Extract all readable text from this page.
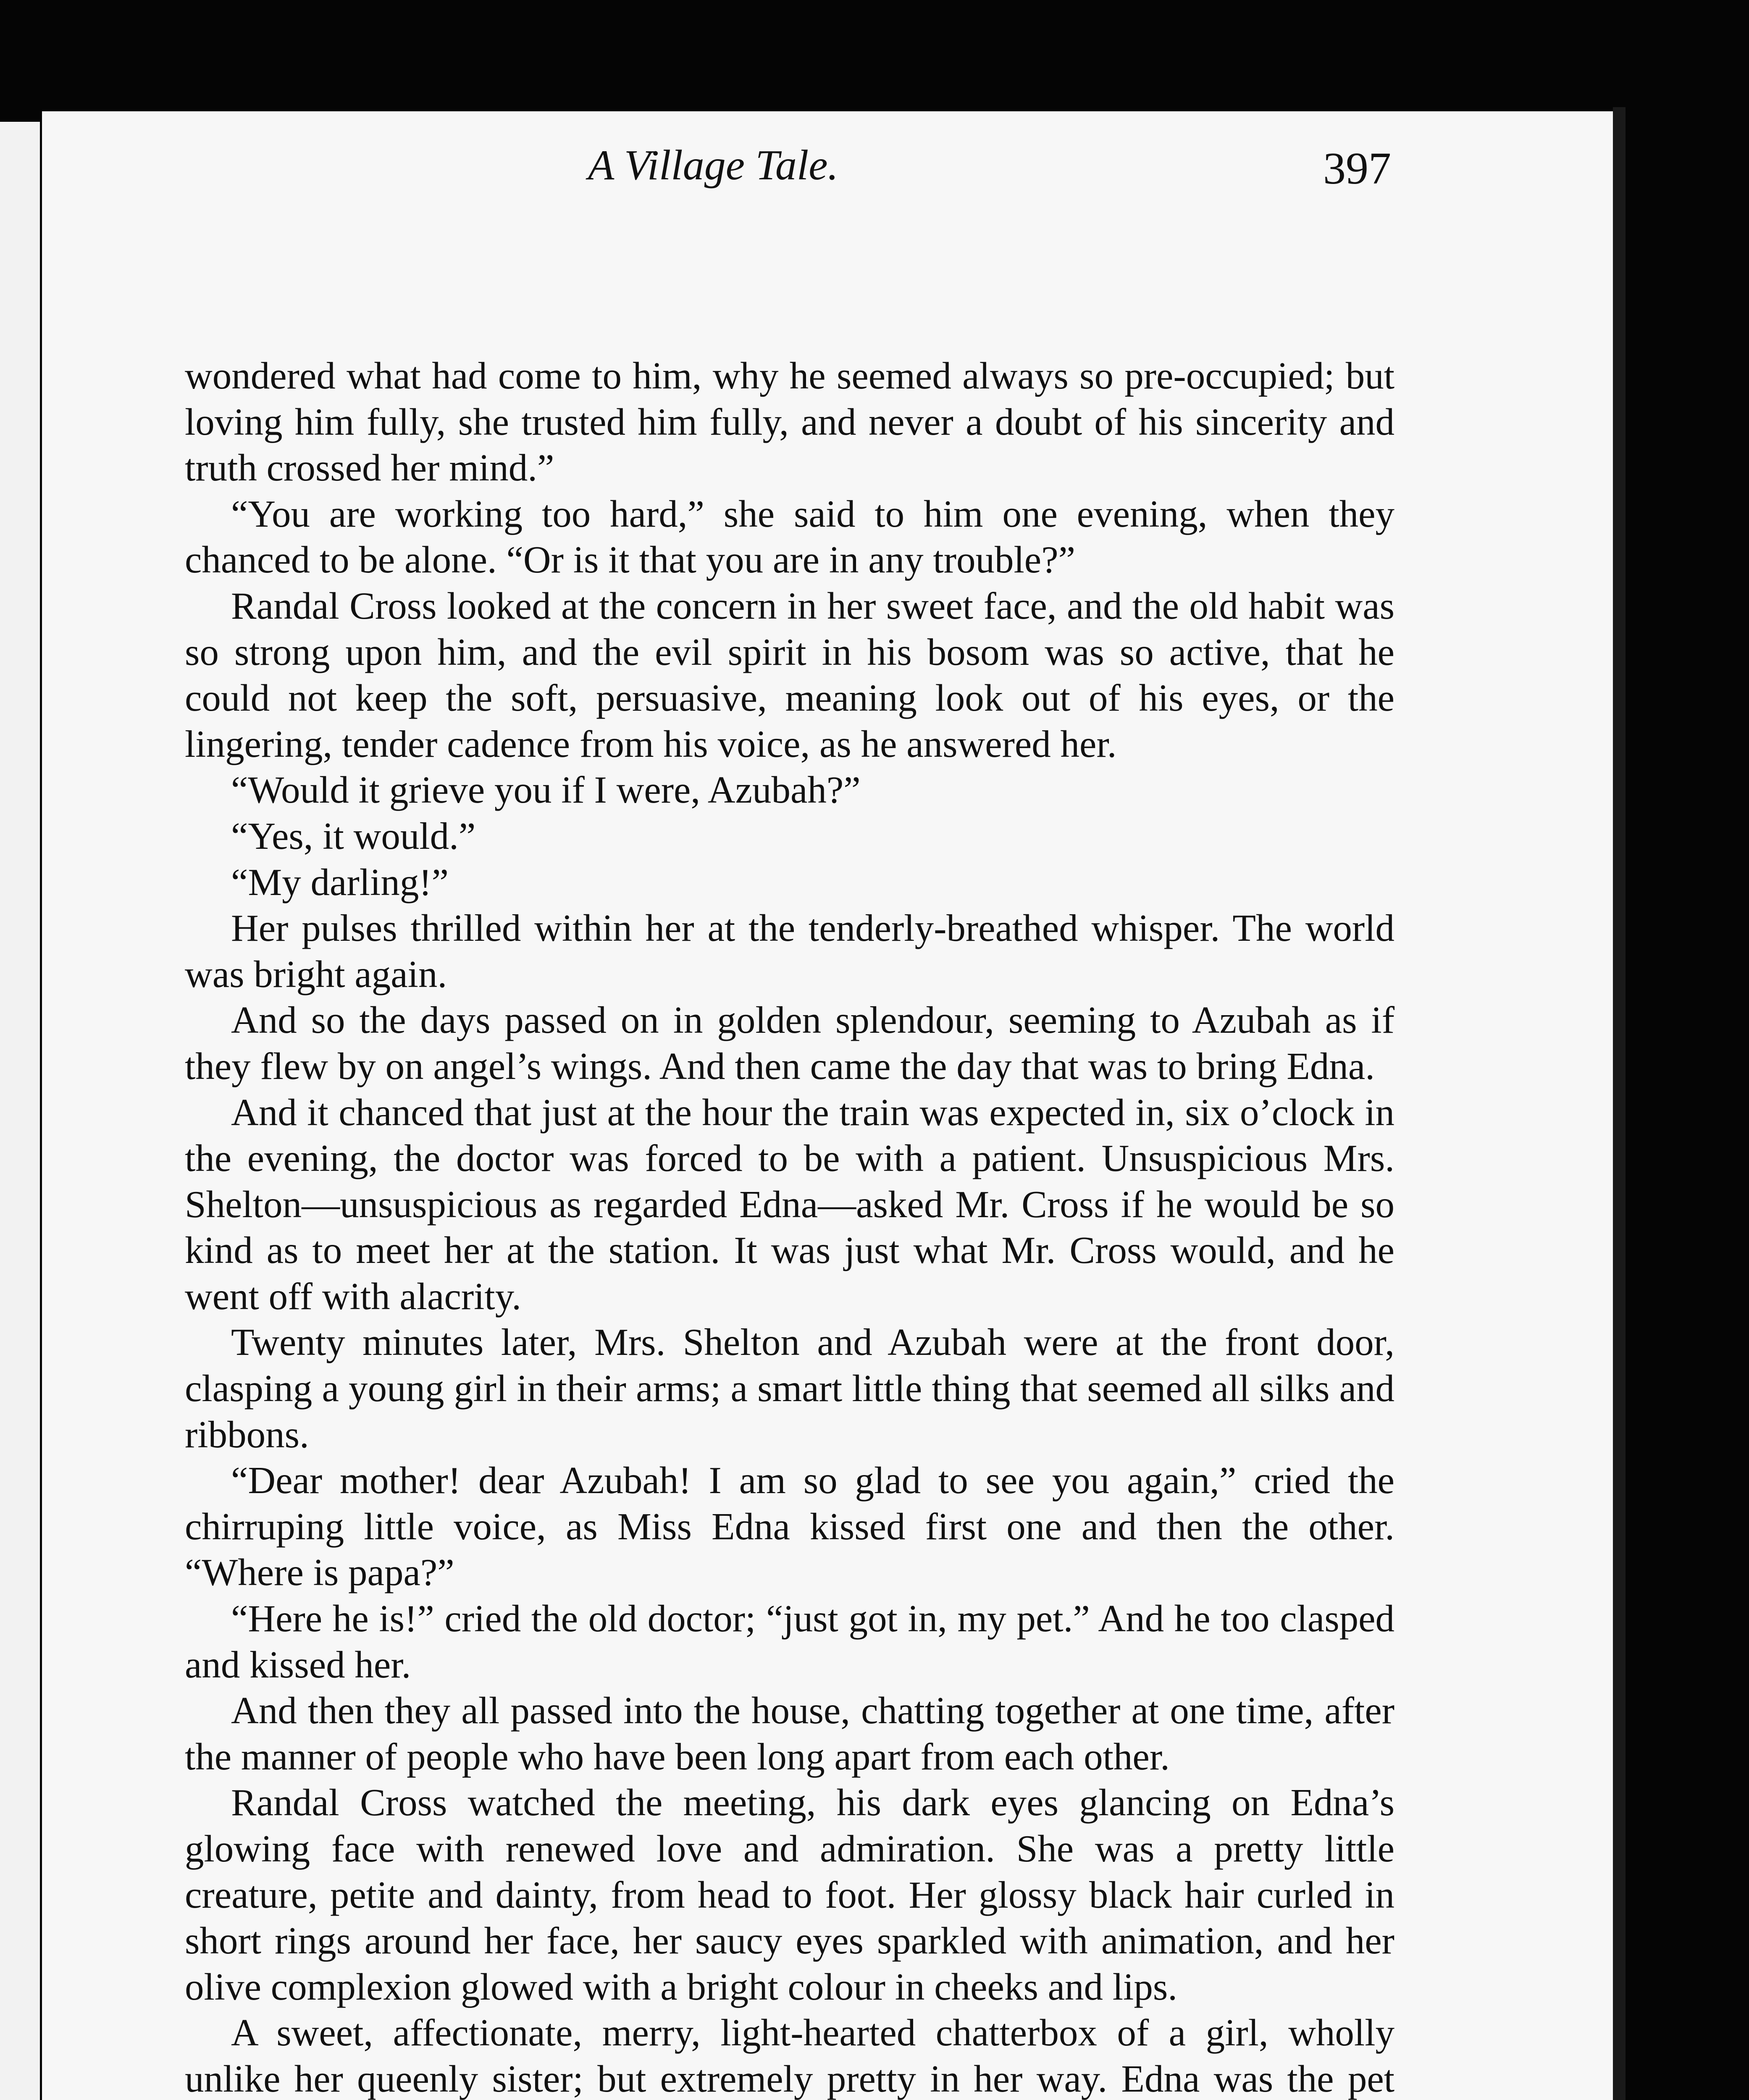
A Village Tale.	397

wondered what had come to him, why he seemed always so pre-occupied; but loving him fully, she trusted him fully, and never a doubt of his sincerity and truth crossed her mind.”

“You are working too hard,” she said to him one evening, when they chanced to be alone. “Or is it that you are in any trouble?”

Randal Cross looked at the concern in her sweet face, and the old habit was so strong upon him, and the evil spirit in his bosom was so active, that he could not keep the soft, persuasive, meaning look out of his eyes, or the lingering, tender cadence from his voice, as he answered her.

“Would it grieve you if I were, Azubah?”

“Yes, it would.”

“My darling!”

Her pulses thrilled within her at the tenderly-breathed whisper. The world was bright again.

And so the days passed on in golden splendour, seeming to Azubah as if they flew by on angel’s wings. And then came the day that was to bring Edna.

And it chanced that just at the hour the train was expected in, six o’clock in the evening, the doctor was forced to be with a patient. Unsuspicious Mrs. Shelton—unsuspicious as regarded Edna—asked Mr. Cross if he would be so kind as to meet her at the station. It was just what Mr. Cross would, and he went off with alacrity.

Twenty minutes later, Mrs. Shelton and Azubah were at the front door, clasping a young girl in their arms; a smart little thing that seemed all silks and ribbons.

“Dear mother! dear Azubah! I am so glad to see you again,” cried the chirruping little voice, as Miss Edna kissed first one and then the other. “Where is papa?”

“Here he is!” cried the old doctor; “just got in, my pet.” And he too clasped and kissed her.

And then they all passed into the house, chatting together at one time, after the manner of people who have been long apart from each other.

Randal Cross watched the meeting, his dark eyes glancing on Edna’s glowing face with renewed love and admiration. She was a pretty little creature, petite and dainty, from head to foot. Her glossy black hair curled in short rings around her face, her saucy eyes sparkled with animation, and her olive complexion glowed with a bright colour in cheeks and lips.

A sweet, affectionate, merry, light-hearted chatterbox of a girl, wholly unlike her queenly sister; but extremely pretty in her way. Edna was the pet
